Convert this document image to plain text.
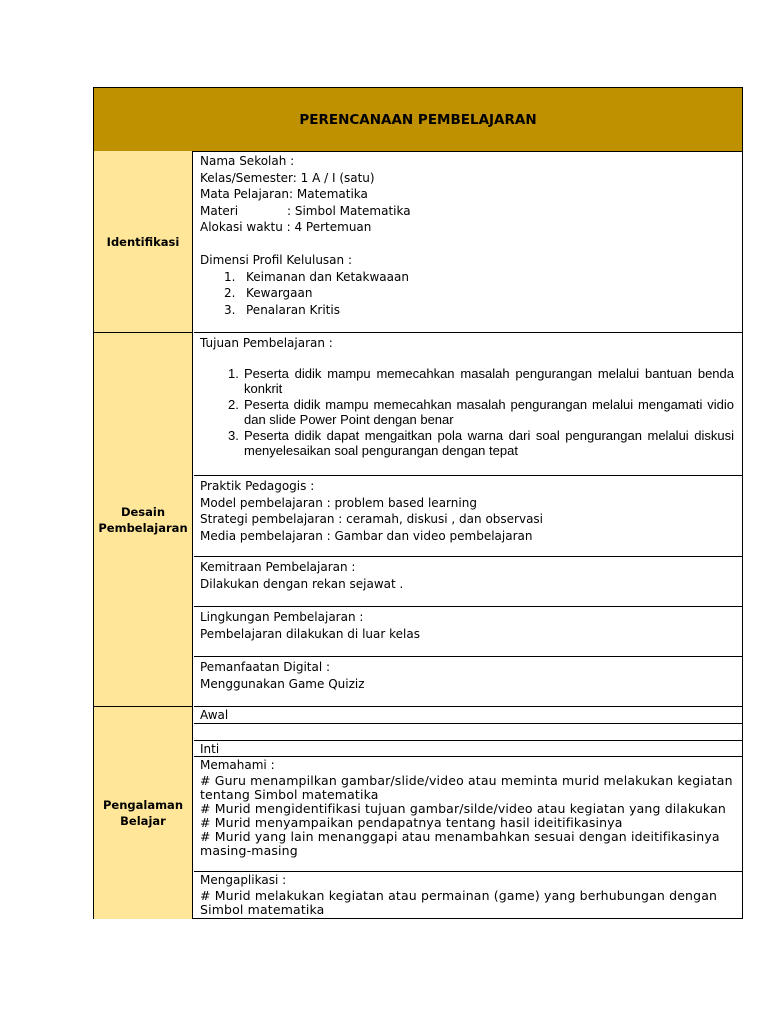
PERENCANAAN PEMBELAJARAN
Identifikasi
Nama Sekolah :
Kelas/Semester: 1 A / I (satu)
Mata Pelajaran: Matematika
Materi	: Simbol Matematika
Alokasi waktu : 4 Pertemuan

Dimensi Profil Kelulusan :
1. Keimanan dan Ketakwaaan
2. Kewargaan
3. Penalaran Kritis
Desain
Pembelajaran
Tujuan Pembelajaran :
1. Peserta didik mampu memecahkan masalah pengurangan melalui bantuan benda konkrit
2. Peserta didik mampu memecahkan masalah pengurangan melalui mengamati vidio dan slide Power Point dengan benar
3. Peserta didik dapat mengaitkan pola warna dari soal pengurangan melalui diskusi menyelesaikan soal pengurangan dengan tepat
Praktik Pedagogis :
Model pembelajaran : problem based learning
Strategi pembelajaran : ceramah, diskusi , dan observasi
Media pembelajaran : Gambar dan video pembelajaran
Kemitraan Pembelajaran :
Dilakukan dengan rekan sejawat .
Lingkungan Pembelajaran :
Pembelajaran dilakukan di luar kelas
Pemanfaatan Digital :
Menggunakan Game Quiziz
Pengalaman
Belajar
Awal
Inti
Memahami :
# Guru menampilkan gambar/slide/video atau meminta murid melakukan kegiatan tentang Simbol matematika
# Murid mengidentifikasi tujuan gambar/silde/video atau kegiatan yang dilakukan
# Murid menyampaikan pendapatnya tentang hasil ideitifikasinya
# Murid yang lain menanggapi atau menambahkan sesuai dengan ideitifikasinya masing-masing
Mengaplikasi :
# Murid melakukan kegiatan atau permainan (game) yang berhubungan dengan Simbol matematika
